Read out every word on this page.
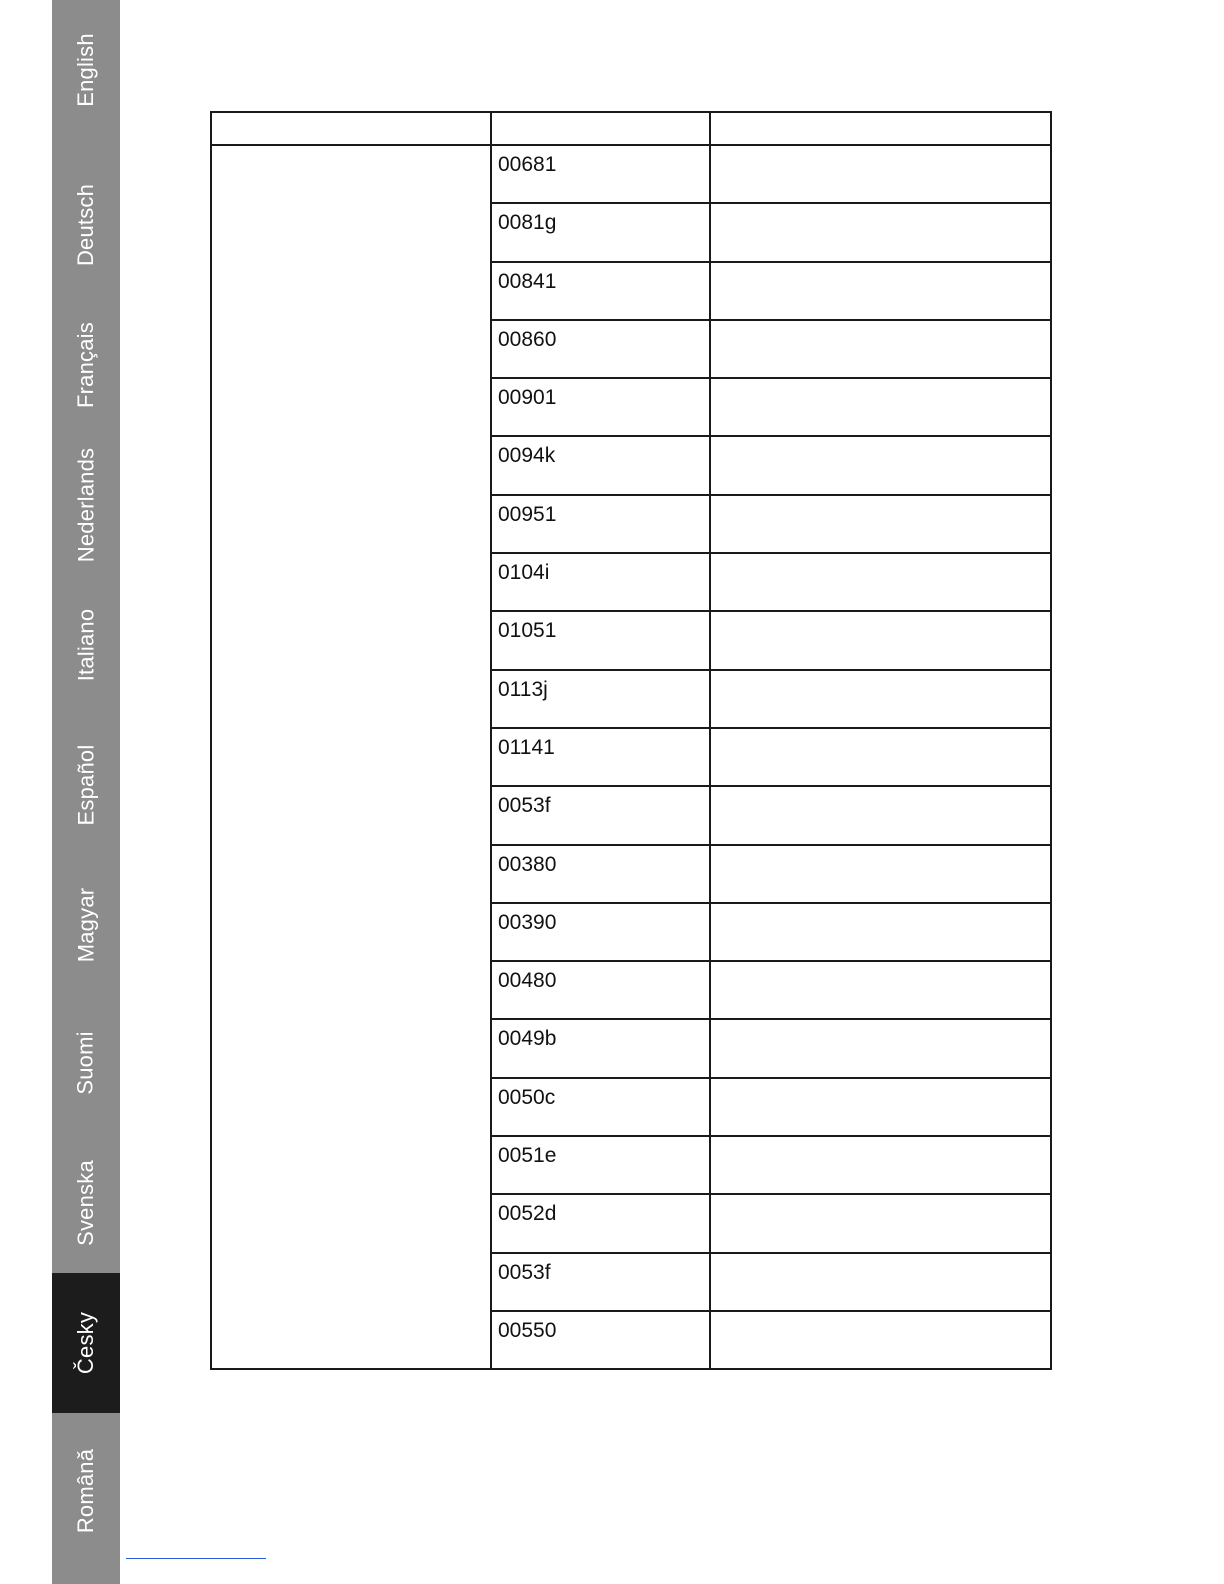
English
Deutsch
Français
Nederlands
Italiano
Español
Magyar
Suomi
Svenska
Česky
Românǎ

	00681	
	0081g	
	00841	
	00860	
	00901	
	0094k	
	00951	
	0104i	
	01051	
	0113j	
	01141	
	0053f	
	00380	
	00390	
	00480	
	0049b	
	0050c	
	0051e	
	0052d	
	0053f	
	00550	
